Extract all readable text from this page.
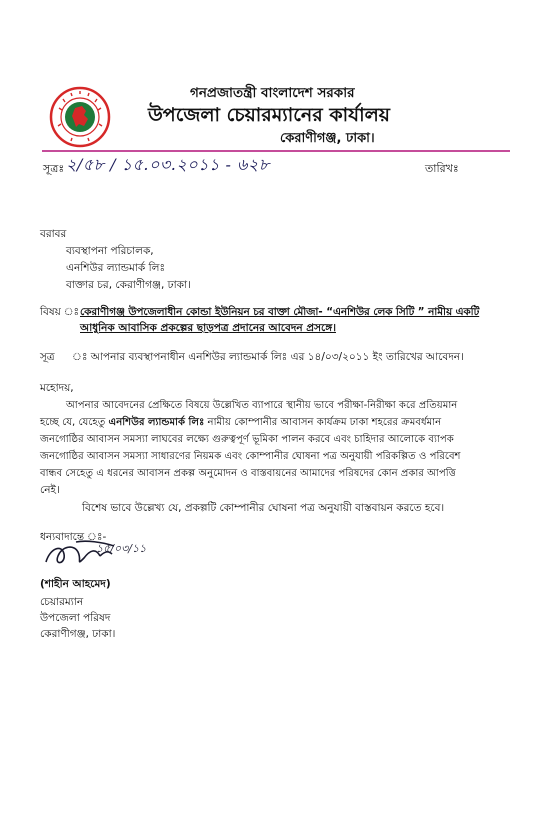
গনপ্রজাতন্ত্রী বাংলাদেশ সরকার
উপজেলা চেয়ারম্যানের কার্যালয়
কেরাণীগঞ্জ, ঢাকা।
সূত্রঃ ২/৫৮ / ১৫.০৩.২০১১ - ৬২৮	তারিখঃ
বরাবর
ব্যবস্থাপনা পরিচালক,
এনশিউর ল্যান্ডমার্ক লিঃ
বাক্তার চর, কেরাণীগঞ্জ, ঢাকা।
বিষয় ঃ কেরাণীগঞ্জ উপজেলাধীন কোন্ডা ইউনিয়ন চর বাক্তা মৌজা- “এনশিউর লেক সিটি ” নামীয় একটি
আধুনিক আবাসিক প্রকল্পের ছাড়পত্র প্রদানের আবেদন প্রসঙ্গে।
সূত্র ঃ আপনার ব্যবস্থাপনাধীন এনশিউর ল্যান্ডমার্ক লিঃ এর ১৪/০৩/২০১১ ইং তারিখের আবেদন।
মহোদয়,
আপনার আবেদনের প্রেক্ষিতে বিষয়ে উল্লেখিত ব্যাপারে স্থানীয় ভাবে পরীক্ষা-নিরীক্ষা করে প্রতিয়মান
হচ্ছে যে, যেহেতু এনশিউর ল্যান্ডমার্ক লিঃ নামীয় কোম্পানীর আবাসন কার্যক্রম ঢাকা শহরের ক্রমবর্ধমান
জনগোষ্ঠির আবাসন সমস্যা লাঘবের লক্ষ্যে গুরুত্বপূর্ণ ভূমিকা পালন করবে এবং চাহিদার আলোকে ব্যাপক
জনগোষ্ঠির আবাসন সমস্যা সাধারণের নিয়মক এবং কোম্পানীর ঘোষনা পত্র অনুযায়ী পরিকল্পিত ও পরিবেশ
বান্ধব সেহেতু এ ধরনের আবাসন প্রকল্প অনুমোদন ও বাস্তবায়নের আমাদের পরিষদের কোন প্রকার আপত্তি
নেই।
বিশেষ ভাবে উল্লেখ্য যে, প্রকল্পটি কোম্পানীর ঘোষনা পত্র অনুযায়ী বাস্তবায়ন করতে হবে।
ধন্যবাদান্তে ঃ-
১৫/০৩/১১
(শাহীন আহমেদ)
চেয়ারম্যান
উপজেলা পরিষদ
কেরাণীগঞ্জ, ঢাকা।
